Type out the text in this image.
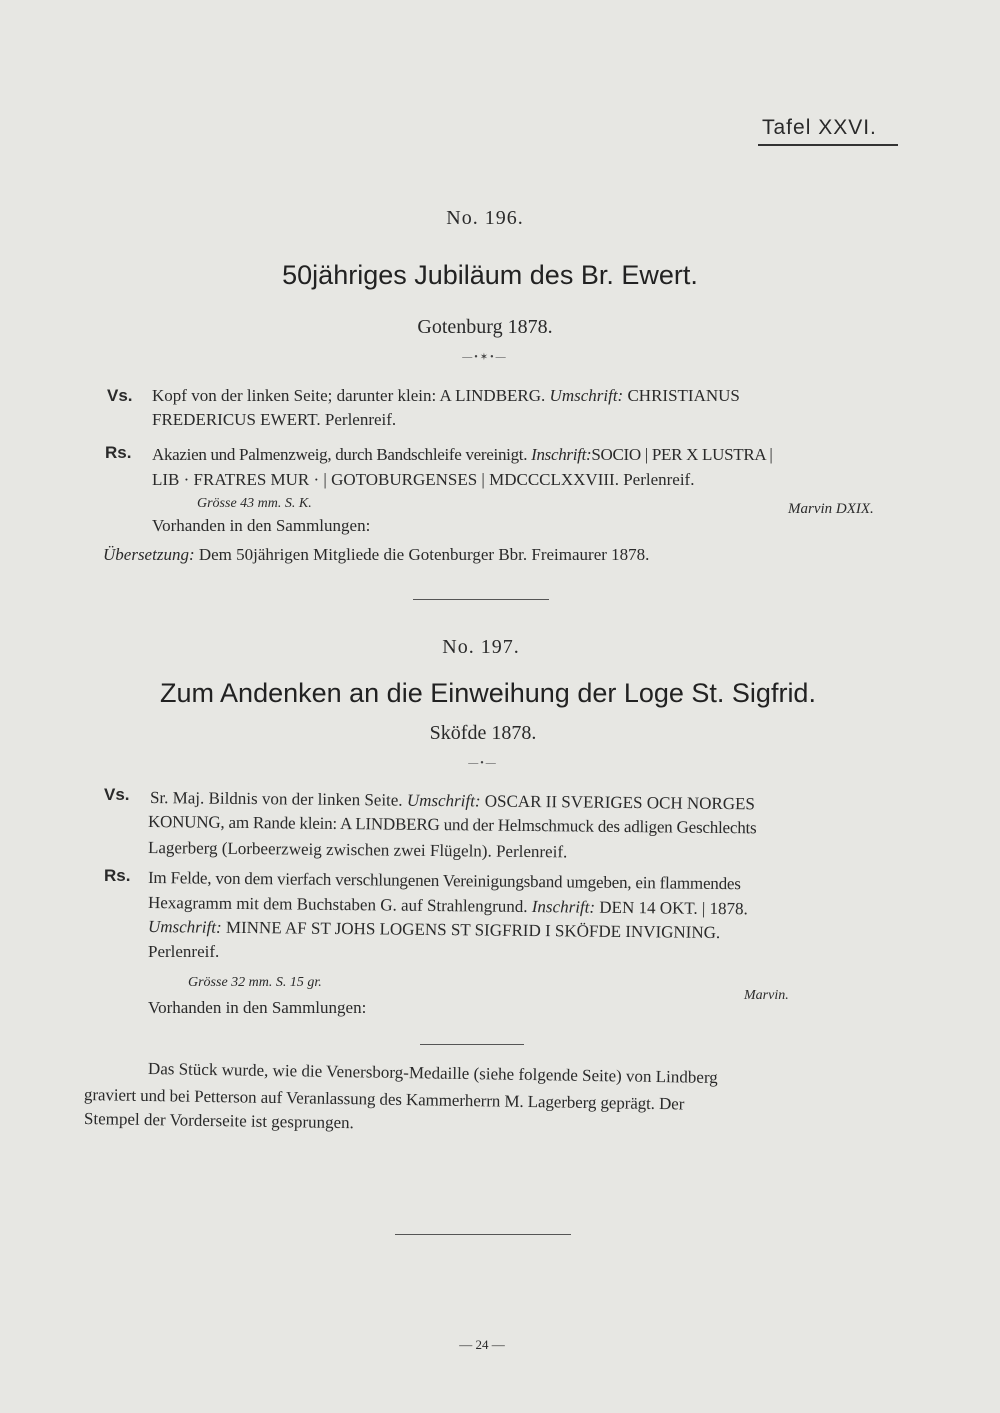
Tafel XXVI.
No. 196.
50jähriges Jubiläum des Br. Ewert.
Gotenburg 1878.
—•✶•—
Vs. Kopf von der linken Seite; darunter klein: A LINDBERG. Umschrift: CHRISTIANUS
FREDERICUS EWERT. Perlenreif.
Rs. Akazien und Palmenzweig, durch Bandschleife vereinigt. Inschrift:SOCIO | PER X LUSTRA |
LIB · FRATRES MUR · | GOTOBURGENSES | MDCCCLXXVIII. Perlenreif.
Grösse 43 mm. S. K.	Marvin DXIX.
Vorhanden in den Sammlungen:
Übersetzung: Dem 50jährigen Mitgliede die Gotenburger Bbr. Freimaurer 1878.
No. 197.
Zum Andenken an die Einweihung der Loge St. Sigfrid.
Sköfde 1878.
—•—
Vs. Sr. Maj. Bildnis von der linken Seite. Umschrift: OSCAR II SVERIGES OCH NORGES
KONUNG, am Rande klein: A LINDBERG und der Helmschmuck des adligen Geschlechts
Lagerberg (Lorbeerzweig zwischen zwei Flügeln). Perlenreif.
Rs. Im Felde, von dem vierfach verschlungenen Vereinigungsband umgeben, ein flammendes
Hexagramm mit dem Buchstaben G. auf Strahlengrund. Inschrift: DEN 14 OKT. | 1878.
Umschrift: MINNE AF ST JOHS LOGENS ST SIGFRID I SKÖFDE INVIGNING.
Perlenreif.
Grösse 32 mm. S. 15 gr.
Marvin.
Vorhanden in den Sammlungen:
Das Stück wurde, wie die Venersborg-Medaille (siehe folgende Seite) von Lindberg
graviert und bei Petterson auf Veranlassung des Kammerherrn M. Lagerberg geprägt. Der
Stempel der Vorderseite ist gesprungen.
— 24 —
